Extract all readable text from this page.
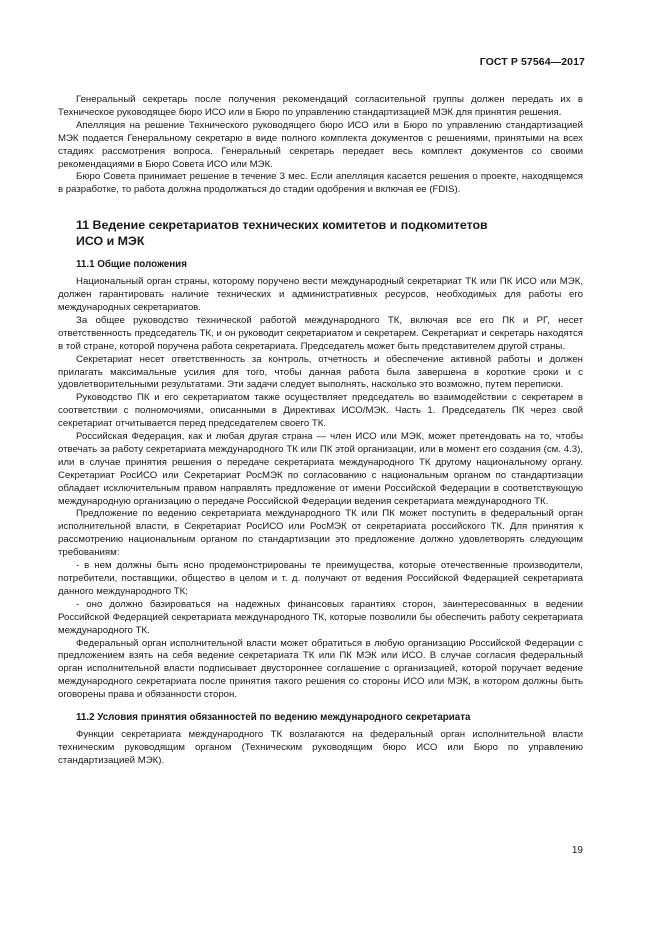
ГОСТ Р 57564—2017

Генеральный секретарь после получения рекомендаций согласительной группы должен передать их в Техническое руководящее бюро ИСО или в Бюро по управлению стандартизацией МЭК для принятия решения.

Апелляция на решение Технического руководящего бюро ИСО или в Бюро по управлению стандартизацией МЭК подается Генеральному секретарю в виде полного комплекта документов с решениями, принятыми на всех стадиях рассмотрения вопроса. Генеральный секретарь передает весь комплект документов со своими рекомендациями в Бюро Совета ИСО или МЭК.

Бюро Совета принимает решение в течение 3 мес. Если апелляция касается решения о проекте, находящемся в разработке, то работа должна продолжаться до стадии одобрения и включая ее (FDIS).

11 Ведение секретариатов технических комитетов и подкомитетов
ИСО и МЭК
11.1 Общие положения

Национальный орган страны, которому поручено вести международный секретариат ТК или ПК ИСО или МЭК, должен гарантировать наличие технических и административных ресурсов, необходимых для работы его международных секретариатов.

За общее руководство технической работой международного ТК, включая все его ПК и РГ, несет ответственность председатель ТК, и он руководит секретариатом и секретарем. Секретариат и секретарь находятся в той стране, которой поручена работа секретариата. Председатель может быть представителем другой страны.

Секретариат несет ответственность за контроль, отчетность и обеспечение активной работы и должен прилагать максимальные усилия для того, чтобы данная работа была завершена в короткие сроки и с удовлетворительными результатами. Эти задачи следует выполнять, насколько это возможно, путем переписки.

Руководство ПК и его секретариатом также осуществляет председатель во взаимодействии с секретарем в соответствии с полномочиями, описанными в Директивах ИСО/МЭК. Часть 1. Председатель ПК через свой секретариат отчитывается перед председателем своего ТК.

Российская Федерация, как и любая другая страна — член ИСО или МЭК, может претендовать на то, чтобы отвечать за работу секретариата международного ТК или ПК этой организации, или в момент его создания (см. 4.3), или в случае принятия решения о передаче секретариата международного ТК другому национальному органу. Секретариат РосИСО или Секретариат РосМЭК по согласованию с национальным органом по стандартизации обладает исключительным правом направлять предложение от имени Российской Федерации в соответствующую международную организацию о передаче Российской Федерации ведения секретариата международного ТК.

Предложение по ведению секретариата международного ТК или ПК может поступить в федеральный орган исполнительной власти, в Секретариат РосИСО или РосМЭК от секретариата российского ТК. Для принятия к рассмотрению национальным органом по стандартизации это предложение должно удовлетворять следующим требованиям:

- в нем должны быть ясно продемонстрированы те преимущества, которые отечественные производители, потребители, поставщики, общество в целом и т. д. получают от ведения Российской Федерацией секретариата данного международного ТК;

- оно должно базироваться на надежных финансовых гарантиях сторон, заинтересованных в ведении Российской Федерацией секретариата международного ТК, которые позволили бы обеспечить работу секретариата международного ТК.

Федеральный орган исполнительной власти может обратиться в любую организацию Российской Федерации с предложением взять на себя ведение секретариата ТК или ПК МЭК или ИСО. В случае согласия федеральный орган исполнительной власти подписывает двустороннее соглашение с организацией, которой поручает ведение международного секретариата после принятия такого решения со стороны ИСО или МЭК, в котором должны быть оговорены права и обязанности сторон.

11.2 Условия принятия обязанностей по ведению международного секретариата

Функции секретариата международного ТК возлагаются на федеральный орган исполнительной власти техническим руководящим органом (Техническим руководящим бюро ИСО или Бюро по управлению стандартизацией МЭК).

19
